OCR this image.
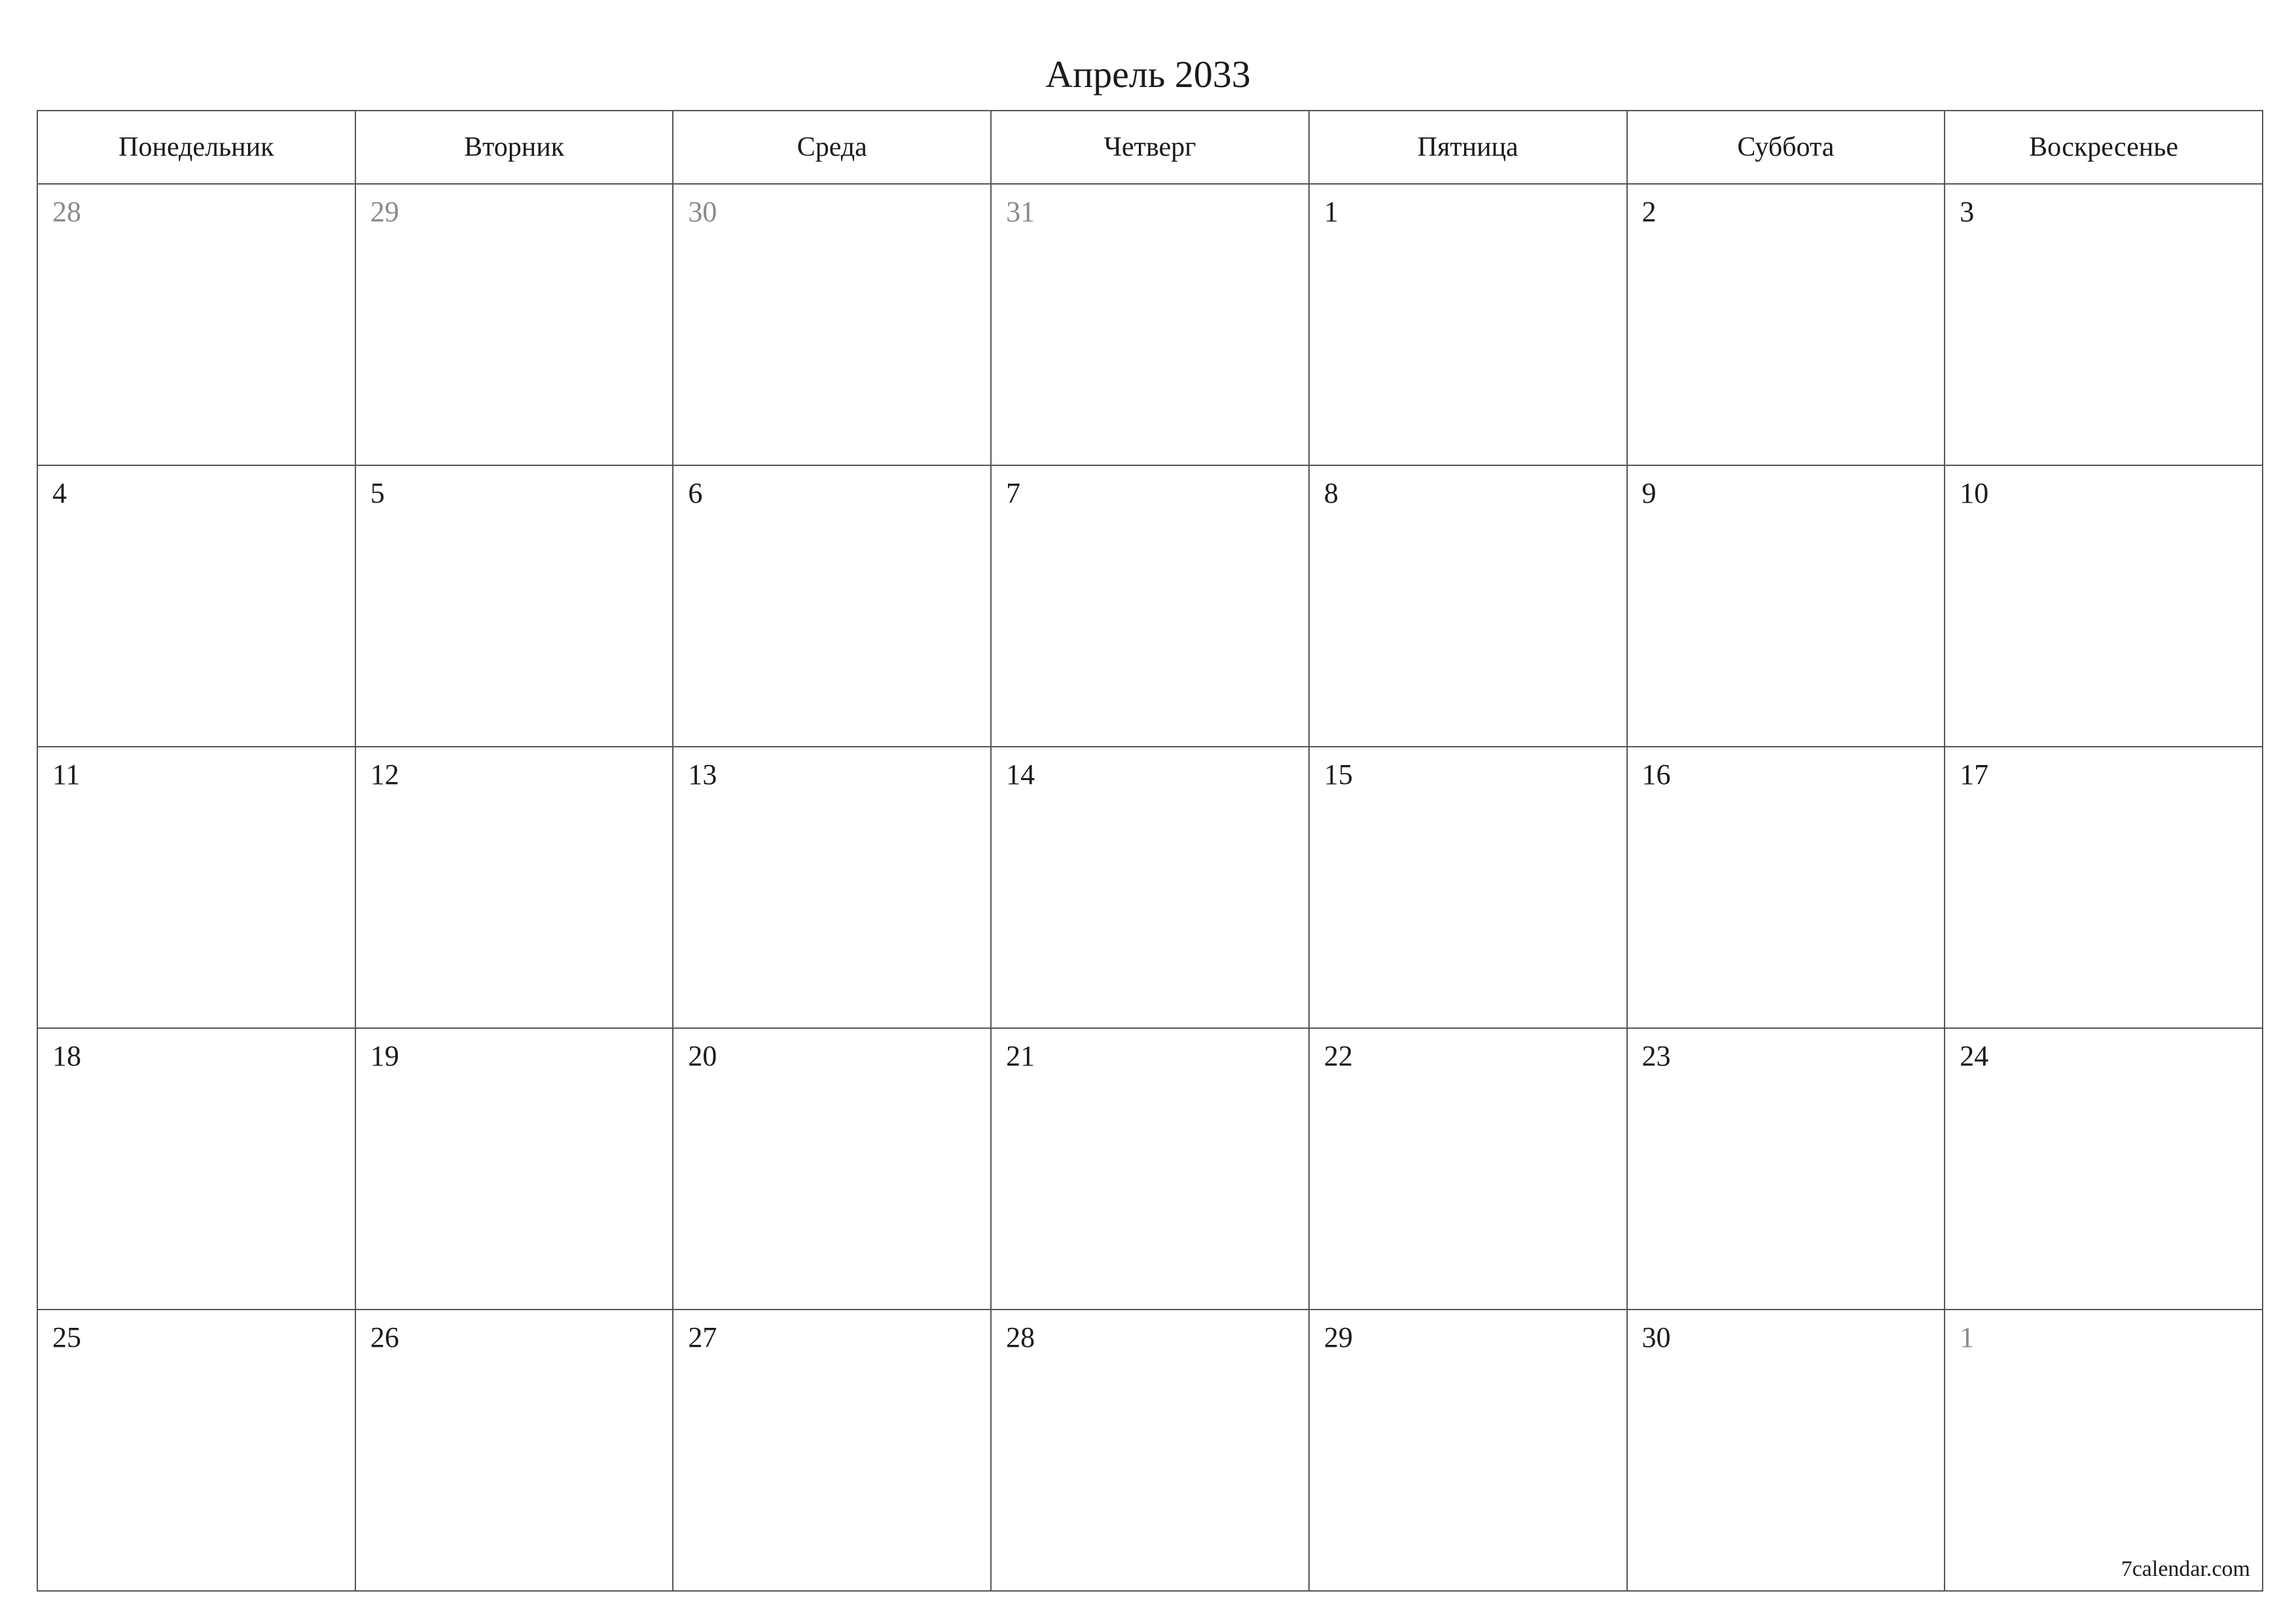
Апрель 2033
Понедельник	Вторник	Среда	Четверг	Пятница	Суббота	Воскресенье

28	29	30	31	1	2	3

4	5	6	7	8	9	10

11	12	13	14	15	16	17

18	19	20	21	22	23	24

25	26	27	28	29	30	1
7calendar.com
